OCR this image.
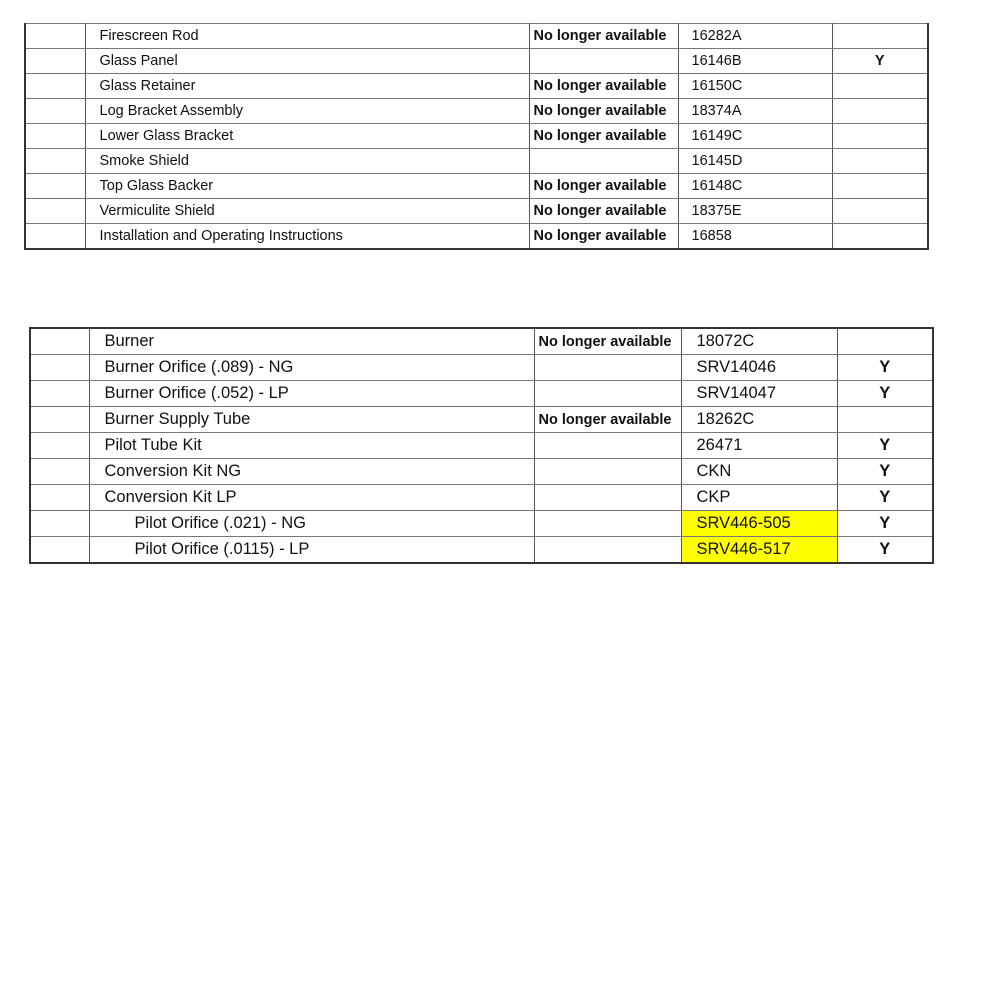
	Firescreen Rod	No longer available	16282A	
	Glass Panel		16146B	Y
	Glass Retainer	No longer available	16150C	
	Log Bracket Assembly	No longer available	18374A	
	Lower Glass Bracket	No longer available	16149C	
	Smoke Shield		16145D	
	Top Glass Backer	No longer available	16148C	
	Vermiculite Shield	No longer available	18375E	
	Installation and Operating Instructions	No longer available	16858	
	Burner	No longer available	18072C	
	Burner Orifice (.089) - NG		SRV14046	Y
	Burner Orifice (.052) - LP		SRV14047	Y
	Burner Supply Tube	No longer available	18262C	
	Pilot Tube Kit		26471	Y
	Conversion Kit NG		CKN	Y
	Conversion Kit LP		CKP	Y
	Pilot Orifice (.021) - NG		SRV446-505	Y
	Pilot Orifice (.0115) - LP		SRV446-517	Y
